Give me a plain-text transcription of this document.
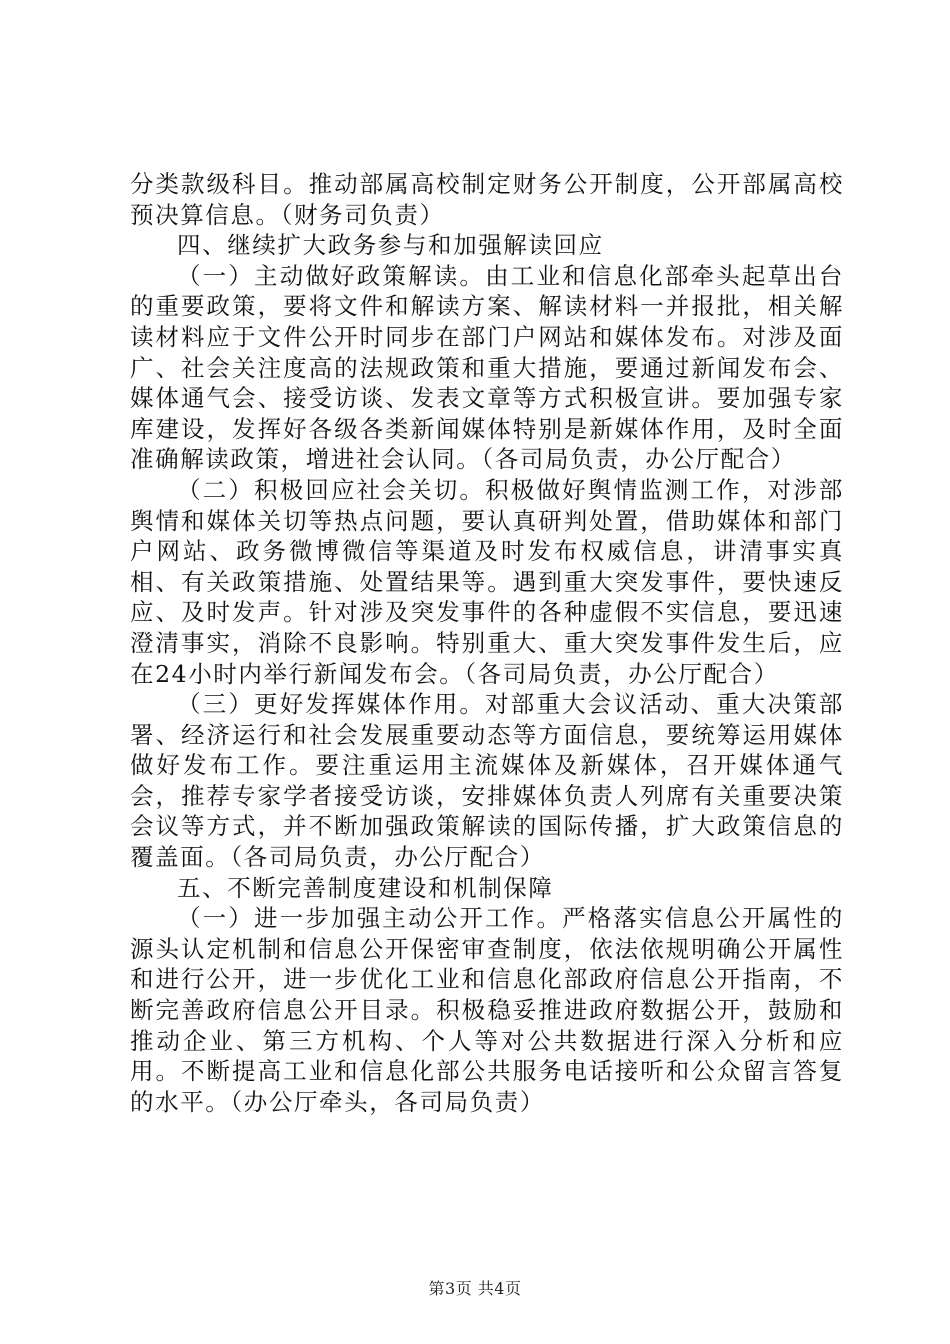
分类款级科目。推动部属高校制定财务公开制度，公开部属高校预决算信息。（财务司负责）

四、继续扩大政务参与和加强解读回应

（一）主动做好政策解读。由工业和信息化部牵头起草出台的重要政策，要将文件和解读方案、解读材料一并报批，相关解读材料应于文件公开时同步在部门户网站和媒体发布。对涉及面广、社会关注度高的法规政策和重大措施，要通过新闻发布会、媒体通气会、接受访谈、发表文章等方式积极宣讲。要加强专家库建设，发挥好各级各类新闻媒体特别是新媒体作用，及时全面准确解读政策，增进社会认同。（各司局负责，办公厅配合）

（二）积极回应社会关切。积极做好舆情监测工作，对涉部舆情和媒体关切等热点问题，要认真研判处置，借助媒体和部门户网站、政务微博微信等渠道及时发布权威信息，讲清事实真相、有关政策措施、处置结果等。遇到重大突发事件，要快速反应、及时发声。针对涉及突发事件的各种虚假不实信息，要迅速澄清事实，消除不良影响。特别重大、重大突发事件发生后，应在24小时内举行新闻发布会。（各司局负责，办公厅配合）

（三）更好发挥媒体作用。对部重大会议活动、重大决策部署、经济运行和社会发展重要动态等方面信息，要统筹运用媒体做好发布工作。要注重运用主流媒体及新媒体，召开媒体通气会，推荐专家学者接受访谈，安排媒体负责人列席有关重要决策会议等方式，并不断加强政策解读的国际传播，扩大政策信息的覆盖面。（各司局负责，办公厅配合）

五、不断完善制度建设和机制保障

（一）进一步加强主动公开工作。严格落实信息公开属性的源头认定机制和信息公开保密审查制度，依法依规明确公开属性和进行公开，进一步优化工业和信息化部政府信息公开指南，不断完善政府信息公开目录。积极稳妥推进政府数据公开，鼓励和推动企业、第三方机构、个人等对公共数据进行深入分析和应用。不断提高工业和信息化部公共服务电话接听和公众留言答复的水平。（办公厅牵头，各司局负责）

第3页 共4页
